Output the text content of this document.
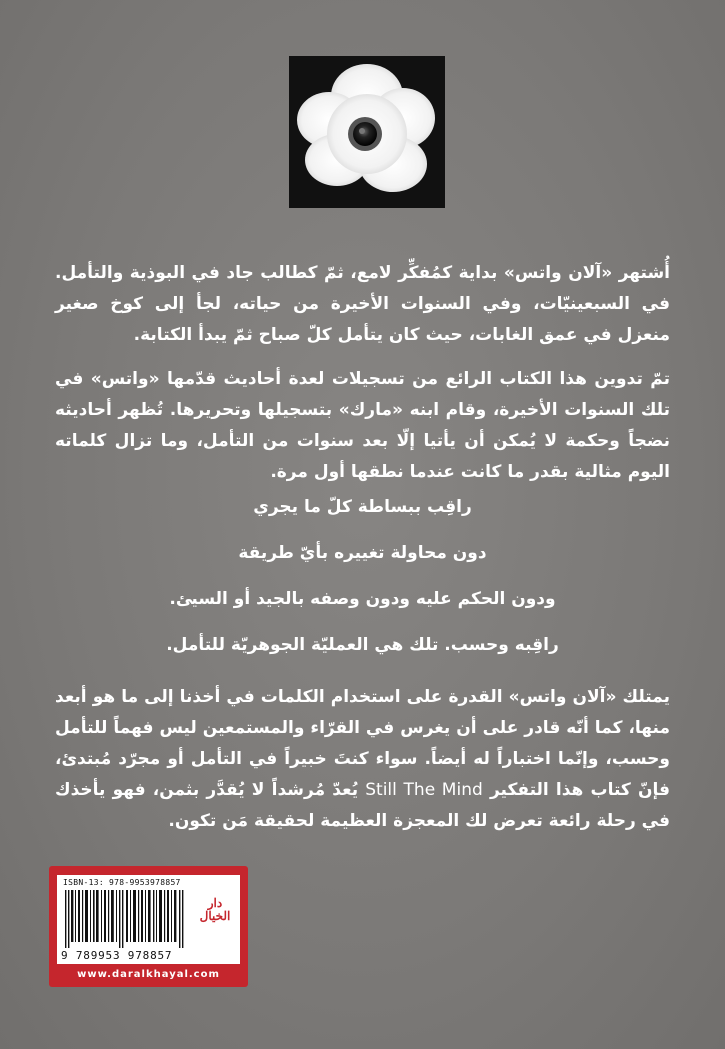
أُشتهر «آلان واتس» بداية كمُفكِّر لامع، ثمّ كطالب جاد في البوذية والتأمل. في السبعينيّات، وفي السنوات الأخيرة من حياته، لجأ إلى كوخ صغير منعزل في عمق الغابات، حيث كان يتأمل كلّ صباح ثمّ يبدأ الكتابة.

تمّ تدوين هذا الكتاب الرائع من تسجيلات لعدة أحاديث قدّمها «واتس» في تلك السنوات الأخيرة، وقام ابنه «مارك» بتسجيلها وتحريرها. تُظهر أحاديثه نضجاً وحكمة لا يُمكن أن يأتيا إلّا بعد سنوات من التأمل، وما تزال كلماته اليوم مثالية بقدر ما كانت عندما نطقها أول مرة.

راقِب ببساطة كلّ ما يجري

دون محاولة تغييره بأيّ طريقة

ودون الحكم عليه ودون وصفه بالجيد أو السيئ.

راقِبه وحسب. تلك هي العمليّة الجوهريّة للتأمل.

يمتلك «آلان واتس» القدرة على استخدام الكلمات في أخذنا إلى ما هو أبعد منها، كما أنّه قادر على أن يغرس في القرّاء والمستمعين ليس فهماً للتأمل وحسب، وإنّما اختباراً له أيضاً. سواء كنتَ خبيراً في التأمل أو مجرّد مُبتدئ، فإنّ كتاب هذا التفكير Still The Mind يُعدّ مُرشداً لا يُقدَّر بثمن، فهو يأخذك في رحلة رائعة تعرض لك المعجزة العظيمة لحقيقة مَن تكون.

ISBN-13: 978-9953978857
9 789953 978857
دار الخيال
www.daralkhayal.com
